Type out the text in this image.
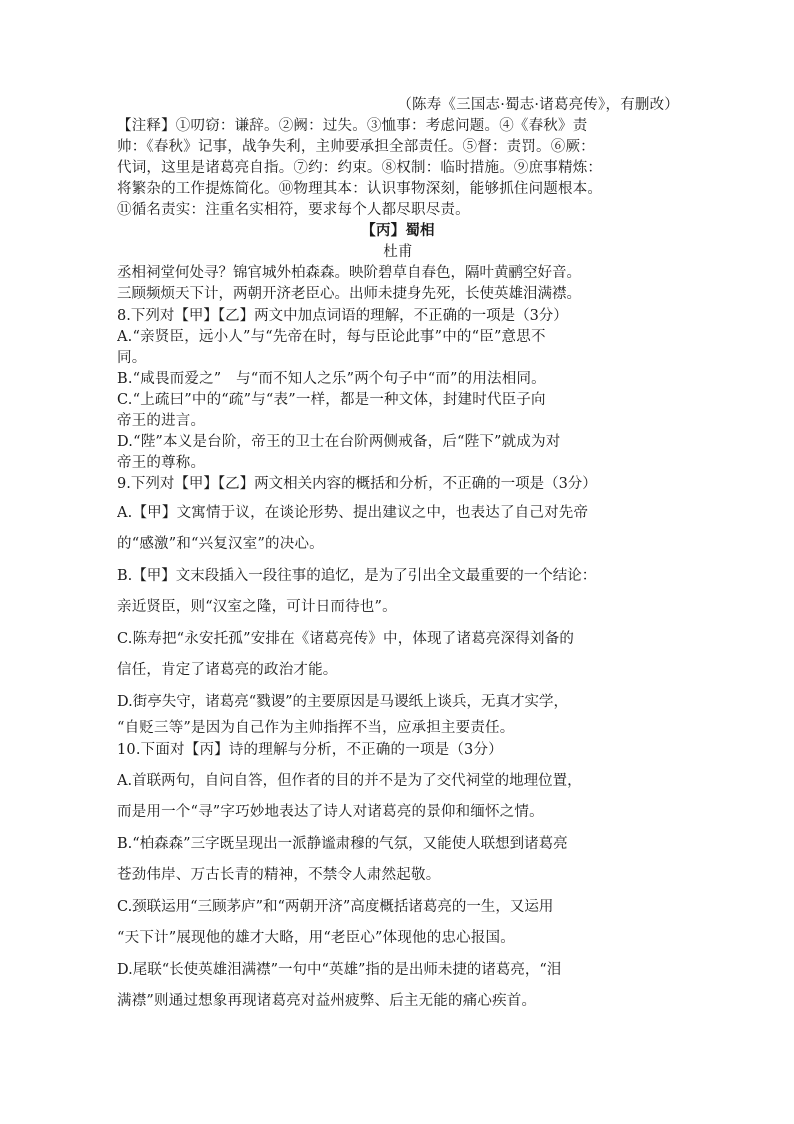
（陈寿《三国志·蜀志·诸葛亮传》，有删改）
【注释】①叨窃：谦辞。②阙：过失。③恤事：考虑问题。④《春秋》责
帅：《春秋》记事，战争失利，主帅要承担全部责任。⑤督：责罚。⑥厥：
代词，这里是诸葛亮自指。⑦约：约束。⑧权制：临时措施。⑨庶事精炼：
将繁杂的工作提炼简化。⑩物理其本：认识事物深刻，能够抓住问题根本。
⑪循名责实：注重名实相符，要求每个人都尽职尽责。
【丙】蜀相
杜甫
丞相祠堂何处寻？锦官城外柏森森。映阶碧草自春色，隔叶黄鹂空好音。
三顾频烦天下计，两朝开济老臣心。出师未捷身先死，长使英雄泪满襟。
8.下列对【甲】【乙】两文中加点词语的理解，不正确的一项是（3分）
A.“亲贤臣，远小人”与“先帝在时，每与臣论此事”中的“臣”意思不
同。
B.“咸畏而爱之”　与“而不知人之乐”两个句子中“而”的用法相同。
C.“上疏曰”中的“疏”与“表”一样，都是一种文体，封建时代臣子向
帝王的进言。
D.“陛”本义是台阶，帝王的卫士在台阶两侧戒备，后“陛下”就成为对
帝王的尊称。
9.下列对【甲】【乙】两文相关内容的概括和分析，不正确的一项是（3分）
A.【甲】文寓情于议，在谈论形势、提出建议之中，也表达了自己对先帝
的“感激”和“兴复汉室”的决心。
B.【甲】文末段插入一段往事的追忆，是为了引出全文最重要的一个结论：
亲近贤臣，则“汉室之隆，可计日而待也”。
C.陈寿把“永安托孤”安排在《诸葛亮传》中，体现了诸葛亮深得刘备的
信任，肯定了诸葛亮的政治才能。
D.街亭失守，诸葛亮“戮谡”的主要原因是马谡纸上谈兵，无真才实学，
“自贬三等”是因为自己作为主帅指挥不当，应承担主要责任。
10.下面对【丙】诗的理解与分析，不正确的一项是（3分）
A.首联两句，自问自答，但作者的目的并不是为了交代祠堂的地理位置，
而是用一个“寻”字巧妙地表达了诗人对诸葛亮的景仰和缅怀之情。
B.“柏森森”三字既呈现出一派静谧肃穆的气氛，又能使人联想到诸葛亮
苍劲伟岸、万古长青的精神，不禁令人肃然起敬。
C.颈联运用“三顾茅庐”和“两朝开济”高度概括诸葛亮的一生，又运用
“天下计”展现他的雄才大略，用“老臣心”体现他的忠心报国。
D.尾联“长使英雄泪满襟”一句中“英雄”指的是出师未捷的诸葛亮，“泪
满襟”则通过想象再现诸葛亮对益州疲弊、后主无能的痛心疾首。
